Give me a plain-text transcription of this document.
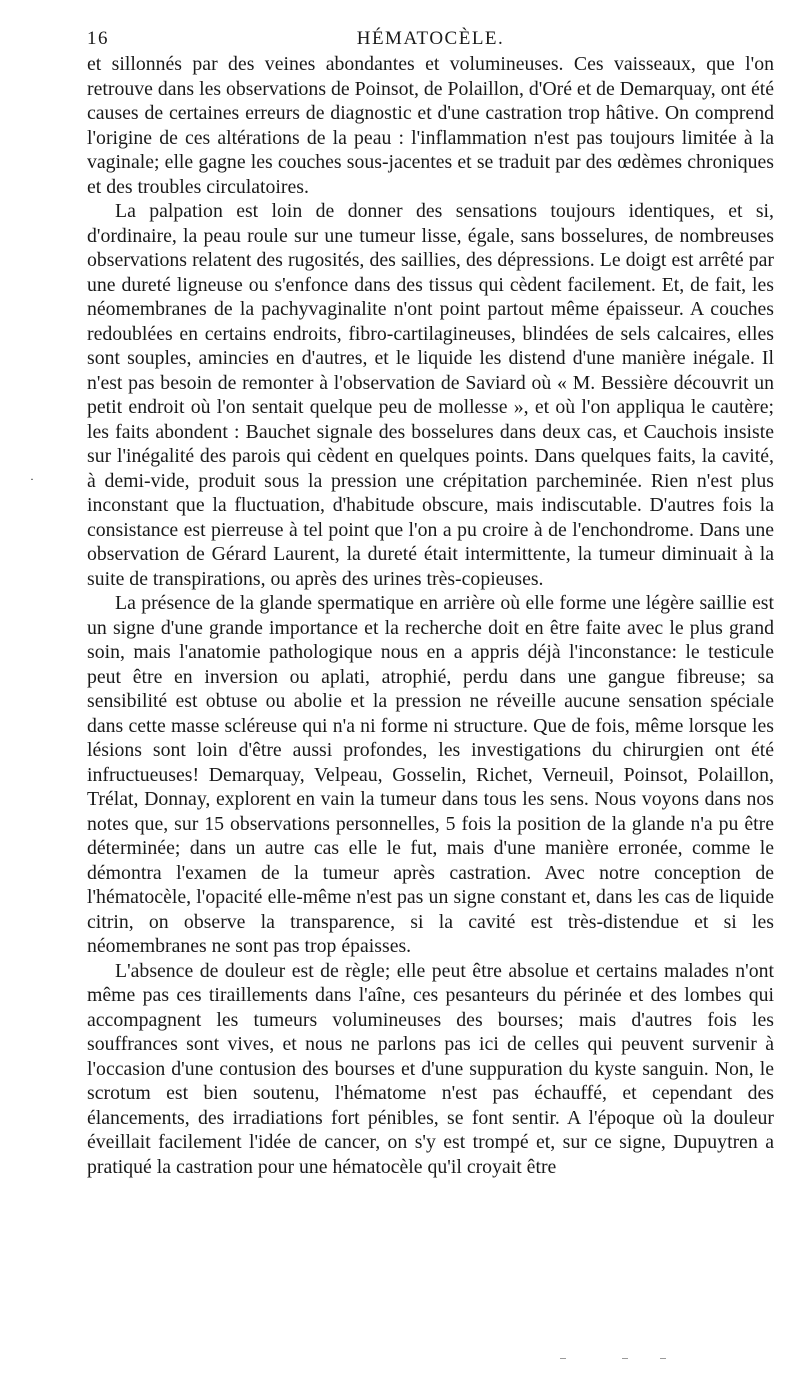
16	HÉMATOCÈLE.

et sillonnés par des veines abondantes et volumineuses. Ces vaisseaux, que l'on retrouve dans les observations de Poinsot, de Polaillon, d'Oré et de Demarquay, ont été causes de certaines erreurs de diagnostic et d'une castration trop hâtive. On comprend l'origine de ces altérations de la peau : l'inflammation n'est pas toujours limitée à la vaginale; elle gagne les couches sous-jacentes et se traduit par des œdèmes chroniques et des troubles circulatoires.

La palpation est loin de donner des sensations toujours identiques, et si, d'ordinaire, la peau roule sur une tumeur lisse, égale, sans bosselures, de nombreuses observations relatent des rugosités, des saillies, des dépressions. Le doigt est arrêté par une dureté ligneuse ou s'enfonce dans des tissus qui cèdent facilement. Et, de fait, les néomembranes de la pachyvaginalite n'ont point partout même épaisseur. A couches redoublées en certains endroits, fibro-cartilagineuses, blindées de sels calcaires, elles sont souples, amincies en d'autres, et le liquide les distend d'une manière inégale. Il n'est pas besoin de remonter à l'observation de Saviard où « M. Bessière découvrit un petit endroit où l'on sentait quelque peu de mollesse », et où l'on appliqua le cautère; les faits abondent : Bauchet signale des bosselures dans deux cas, et Cauchois insiste sur l'inégalité des parois qui cèdent en quelques points. Dans quelques faits, la cavité, à demi-vide, produit sous la pression une crépitation parcheminée. Rien n'est plus inconstant que la fluctuation, d'habitude obscure, mais indiscutable. D'autres fois la consistance est pierreuse à tel point que l'on a pu croire à de l'enchondrome. Dans une observation de Gérard Laurent, la dureté était intermittente, la tumeur diminuait à la suite de transpirations, ou après des urines très-copieuses.

La présence de la glande spermatique en arrière où elle forme une légère saillie est un signe d'une grande importance et la recherche doit en être faite avec le plus grand soin, mais l'anatomie pathologique nous en a appris déjà l'inconstance: le testicule peut être en inversion ou aplati, atrophié, perdu dans une gangue fibreuse; sa sensibilité est obtuse ou abolie et la pression ne réveille aucune sensation spéciale dans cette masse scléreuse qui n'a ni forme ni structure. Que de fois, même lorsque les lésions sont loin d'être aussi profondes, les investigations du chirurgien ont été infructueuses! Demarquay, Velpeau, Gosselin, Richet, Verneuil, Poinsot, Polaillon, Trélat, Donnay, explorent en vain la tumeur dans tous les sens. Nous voyons dans nos notes que, sur 15 observations personnelles, 5 fois la position de la glande n'a pu être déterminée; dans un autre cas elle le fut, mais d'une manière erronée, comme le démontra l'examen de la tumeur après castration. Avec notre conception de l'hématocèle, l'opacité elle-même n'est pas un signe constant et, dans les cas de liquide citrin, on observe la transparence, si la cavité est très-distendue et si les néomembranes ne sont pas trop épaisses.

L'absence de douleur est de règle; elle peut être absolue et certains malades n'ont même pas ces tiraillements dans l'aîne, ces pesanteurs du périnée et des lombes qui accompagnent les tumeurs volumineuses des bourses; mais d'autres fois les souffrances sont vives, et nous ne parlons pas ici de celles qui peuvent survenir à l'occasion d'une contusion des bourses et d'une suppuration du kyste sanguin. Non, le scrotum est bien soutenu, l'hématome n'est pas échauffé, et cependant des élancements, des irradiations fort pénibles, se font sentir. A l'époque où la douleur éveillait facilement l'idée de cancer, on s'y est trompé et, sur ce signe, Dupuytren a pratiqué la castration pour une hématocèle qu'il croyait être

·
